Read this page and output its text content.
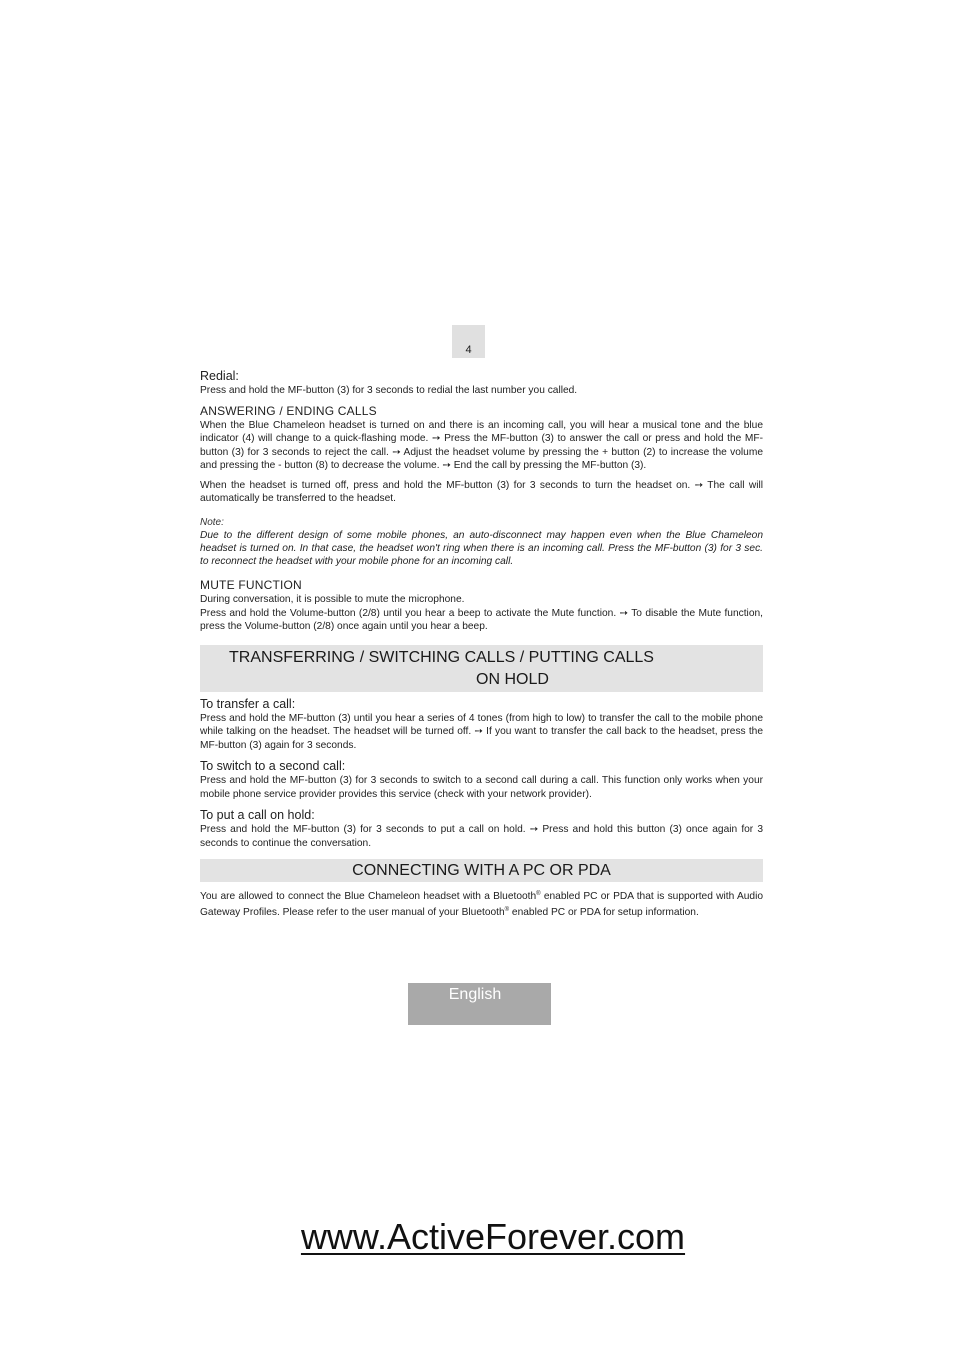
4

Redial:

Press and hold the MF-button (3) for 3 seconds to redial the last number you called.

ANSWERING / ENDING CALLS

When the Blue Chameleon headset is turned on and there is an incoming call, you will hear a musical tone and the blue indicator (4) will change to a quick-flashing mode. ➙ Press the MF-button (3) to answer the call or press and hold the MF-button (3) for 3 seconds to reject the call. ➙ Adjust the headset volume by pressing the + button (2) to increase the volume and pressing the - button (8) to decrease the volume. ➙ End the call by pressing the MF-button (3).

When the headset is turned off, press and hold the MF-button (3) for 3 seconds to turn the headset on. ➙ The call will automatically be transferred to the headset.

Note:

Due to the different design of some mobile phones, an auto-disconnect may happen even when the Blue Chameleon headset is turned on. In that case, the headset won't ring when there is an incoming call. Press the MF-button (3) for 3 sec. to reconnect the headset with your mobile phone for an incoming call.

MUTE FUNCTION

During conversation, it is possible to mute the microphone.

Press and hold the Volume-button (2/8) until you hear a beep to activate the Mute function. ➙ To disable the Mute function, press the Volume-button (2/8) once again until you hear a beep.

TRANSFERRING / SWITCHING CALLS / PUTTING CALLS
ON HOLD

To transfer a call:

Press and hold the MF-button (3) until you hear a series of 4 tones (from high to low) to transfer the call to the mobile phone while talking on the headset. The headset will be turned off. ➙ If you want to transfer the call back to the headset, press the MF-button (3) again for 3 seconds.

To switch to a second call:

Press and hold the MF-button (3) for 3 seconds to switch to a second call during a call. This function only works when your mobile phone service provider provides this service (check with your network provider).

To put a call on hold:

Press and hold the MF-button (3) for 3 seconds to put a call on hold. ➙ Press and hold this button (3) once again for 3 seconds to continue the conversation.

CONNECTING WITH A PC OR PDA

You are allowed to connect the Blue Chameleon headset with a Bluetooth® enabled PC or PDA that is supported with Audio Gateway Profiles. Please refer to the user manual of your Bluetooth® enabled PC or PDA for setup information.

English
www.ActiveForever.com
